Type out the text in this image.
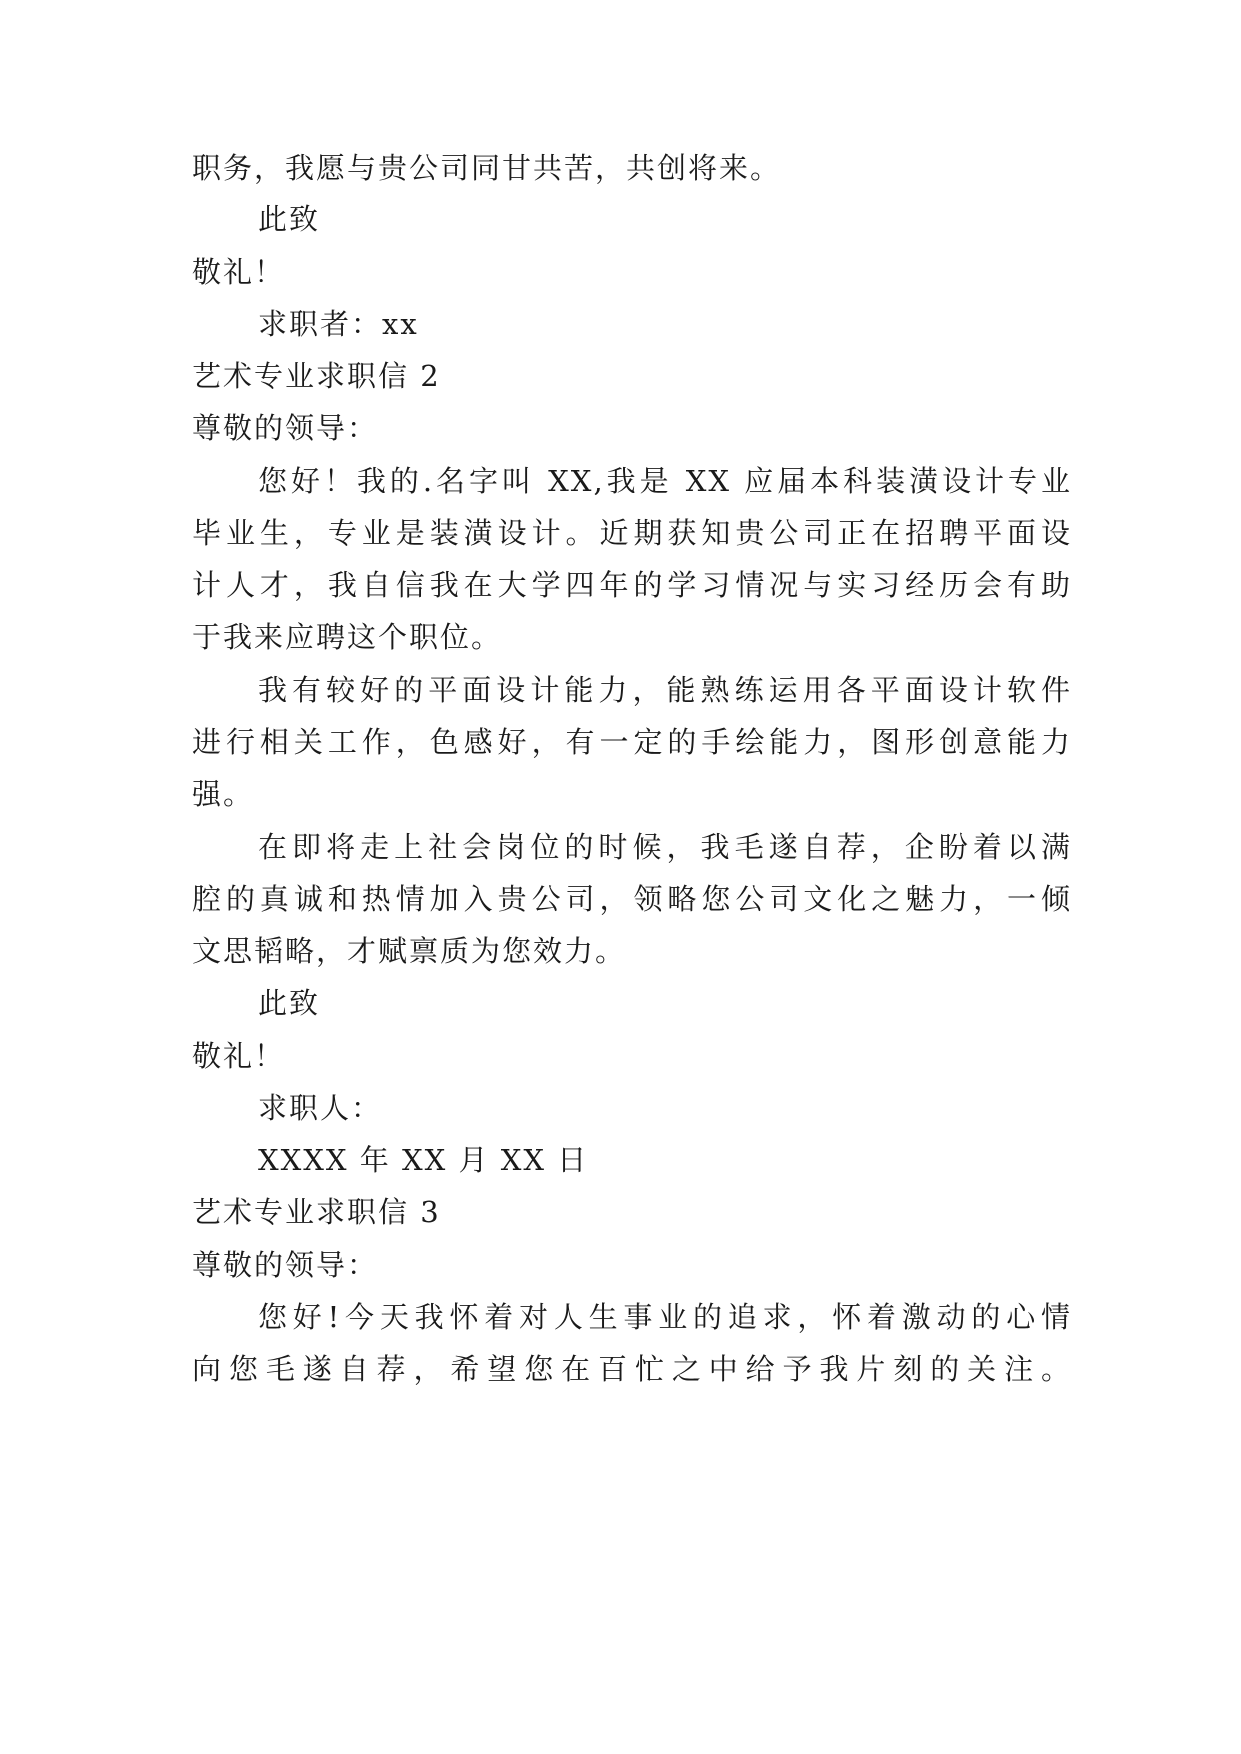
职务，我愿与贵公司同甘共苦，共创将来。

此致

敬礼！

求职者：xx

艺术专业求职信 2

尊敬的领导：

您好！我的.名字叫 XX,我是 XX 应届本科装潢设计专业

毕业生，专业是装潢设计。近期获知贵公司正在招聘平面设

计人才，我自信我在大学四年的学习情况与实习经历会有助

于我来应聘这个职位。

我有较好的平面设计能力，能熟练运用各平面设计软件

进行相关工作，色感好，有一定的手绘能力，图形创意能力

强。

在即将走上社会岗位的时候，我毛遂自荐，企盼着以满

腔的真诚和热情加入贵公司，领略您公司文化之魅力，一倾

文思韬略，才赋禀质为您效力。

此致

敬礼！

求职人：

XXXX 年 XX 月 XX 日

艺术专业求职信 3

尊敬的领导：

您好!今天我怀着对人生事业的追求，怀着激动的心情

向您毛遂自荐，希望您在百忙之中给予我片刻的关注。
